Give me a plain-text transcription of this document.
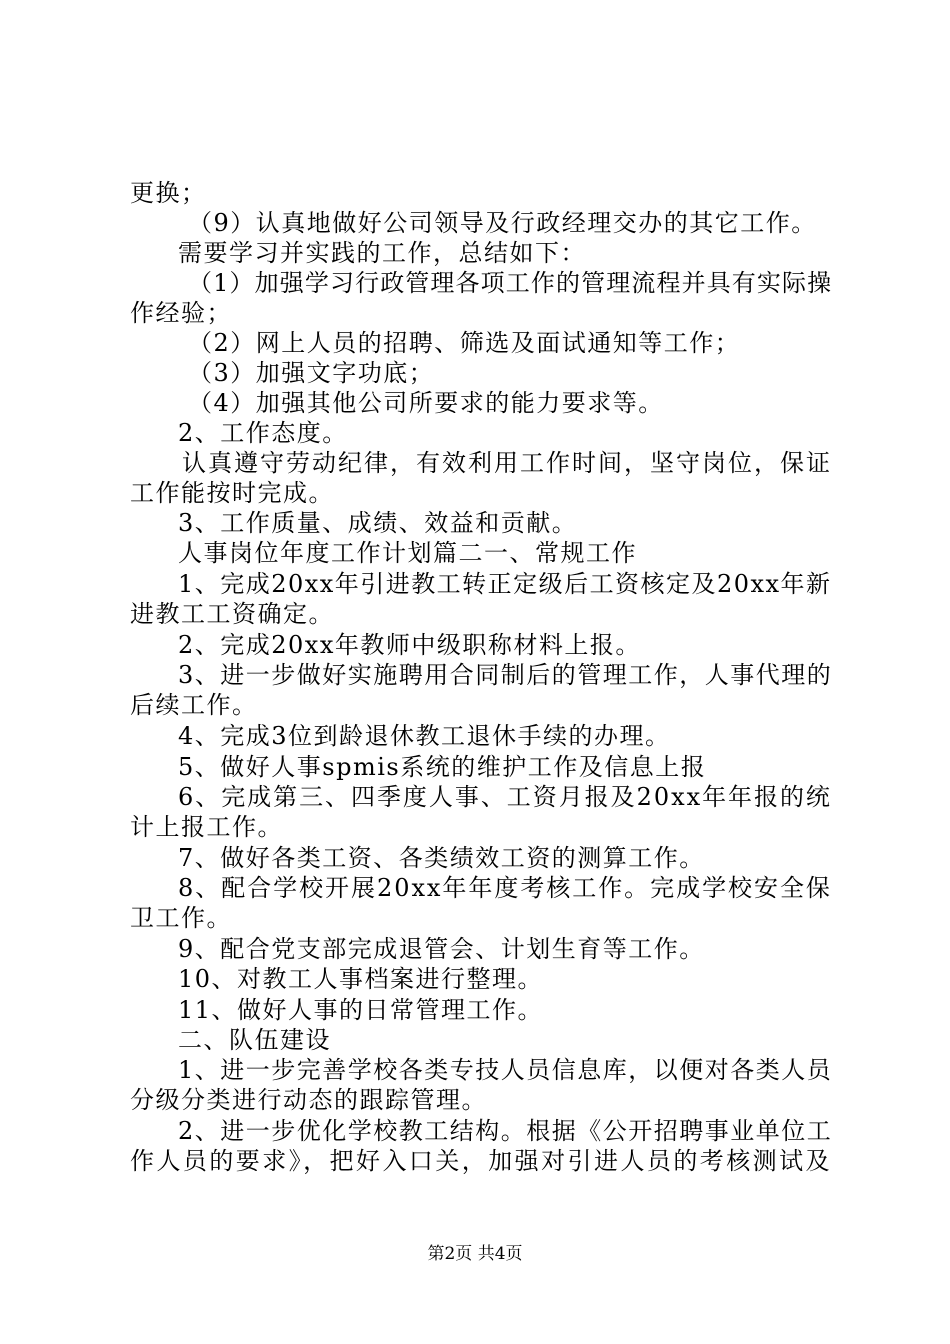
更换；
（9）认真地做好公司领导及行政经理交办的其它工作。
需要学习并实践的工作，总结如下：
（1）加强学习行政管理各项工作的管理流程并具有实际操
作经验；
（2）网上人员的招聘、筛选及面试通知等工作；
（3）加强文字功底；
（4）加强其他公司所要求的能力要求等。
2、工作态度。
认真遵守劳动纪律，有效利用工作时间，坚守岗位，保证
工作能按时完成。
3、工作质量、成绩、效益和贡献。
人事岗位年度工作计划篇二一、常规工作
1、完成20xx年引进教工转正定级后工资核定及20xx年新
进教工工资确定。
2、完成20xx年教师中级职称材料上报。
3、进一步做好实施聘用合同制后的管理工作，人事代理的
后续工作。
4、完成3位到龄退休教工退休手续的办理。
5、做好人事spmis系统的维护工作及信息上报
6、完成第三、四季度人事、工资月报及20xx年年报的统
计上报工作。
7、做好各类工资、各类绩效工资的测算工作。
8、配合学校开展20xx年年度考核工作。完成学校安全保
卫工作。
9、配合党支部完成退管会、计划生育等工作。
10、对教工人事档案进行整理。
11、做好人事的日常管理工作。
二、队伍建设
1、进一步完善学校各类专技人员信息库，以便对各类人员
分级分类进行动态的跟踪管理。
2、进一步优化学校教工结构。根据《公开招聘事业单位工
作人员的要求》，把好入口关，加强对引进人员的考核测试及
第2页 共4页
